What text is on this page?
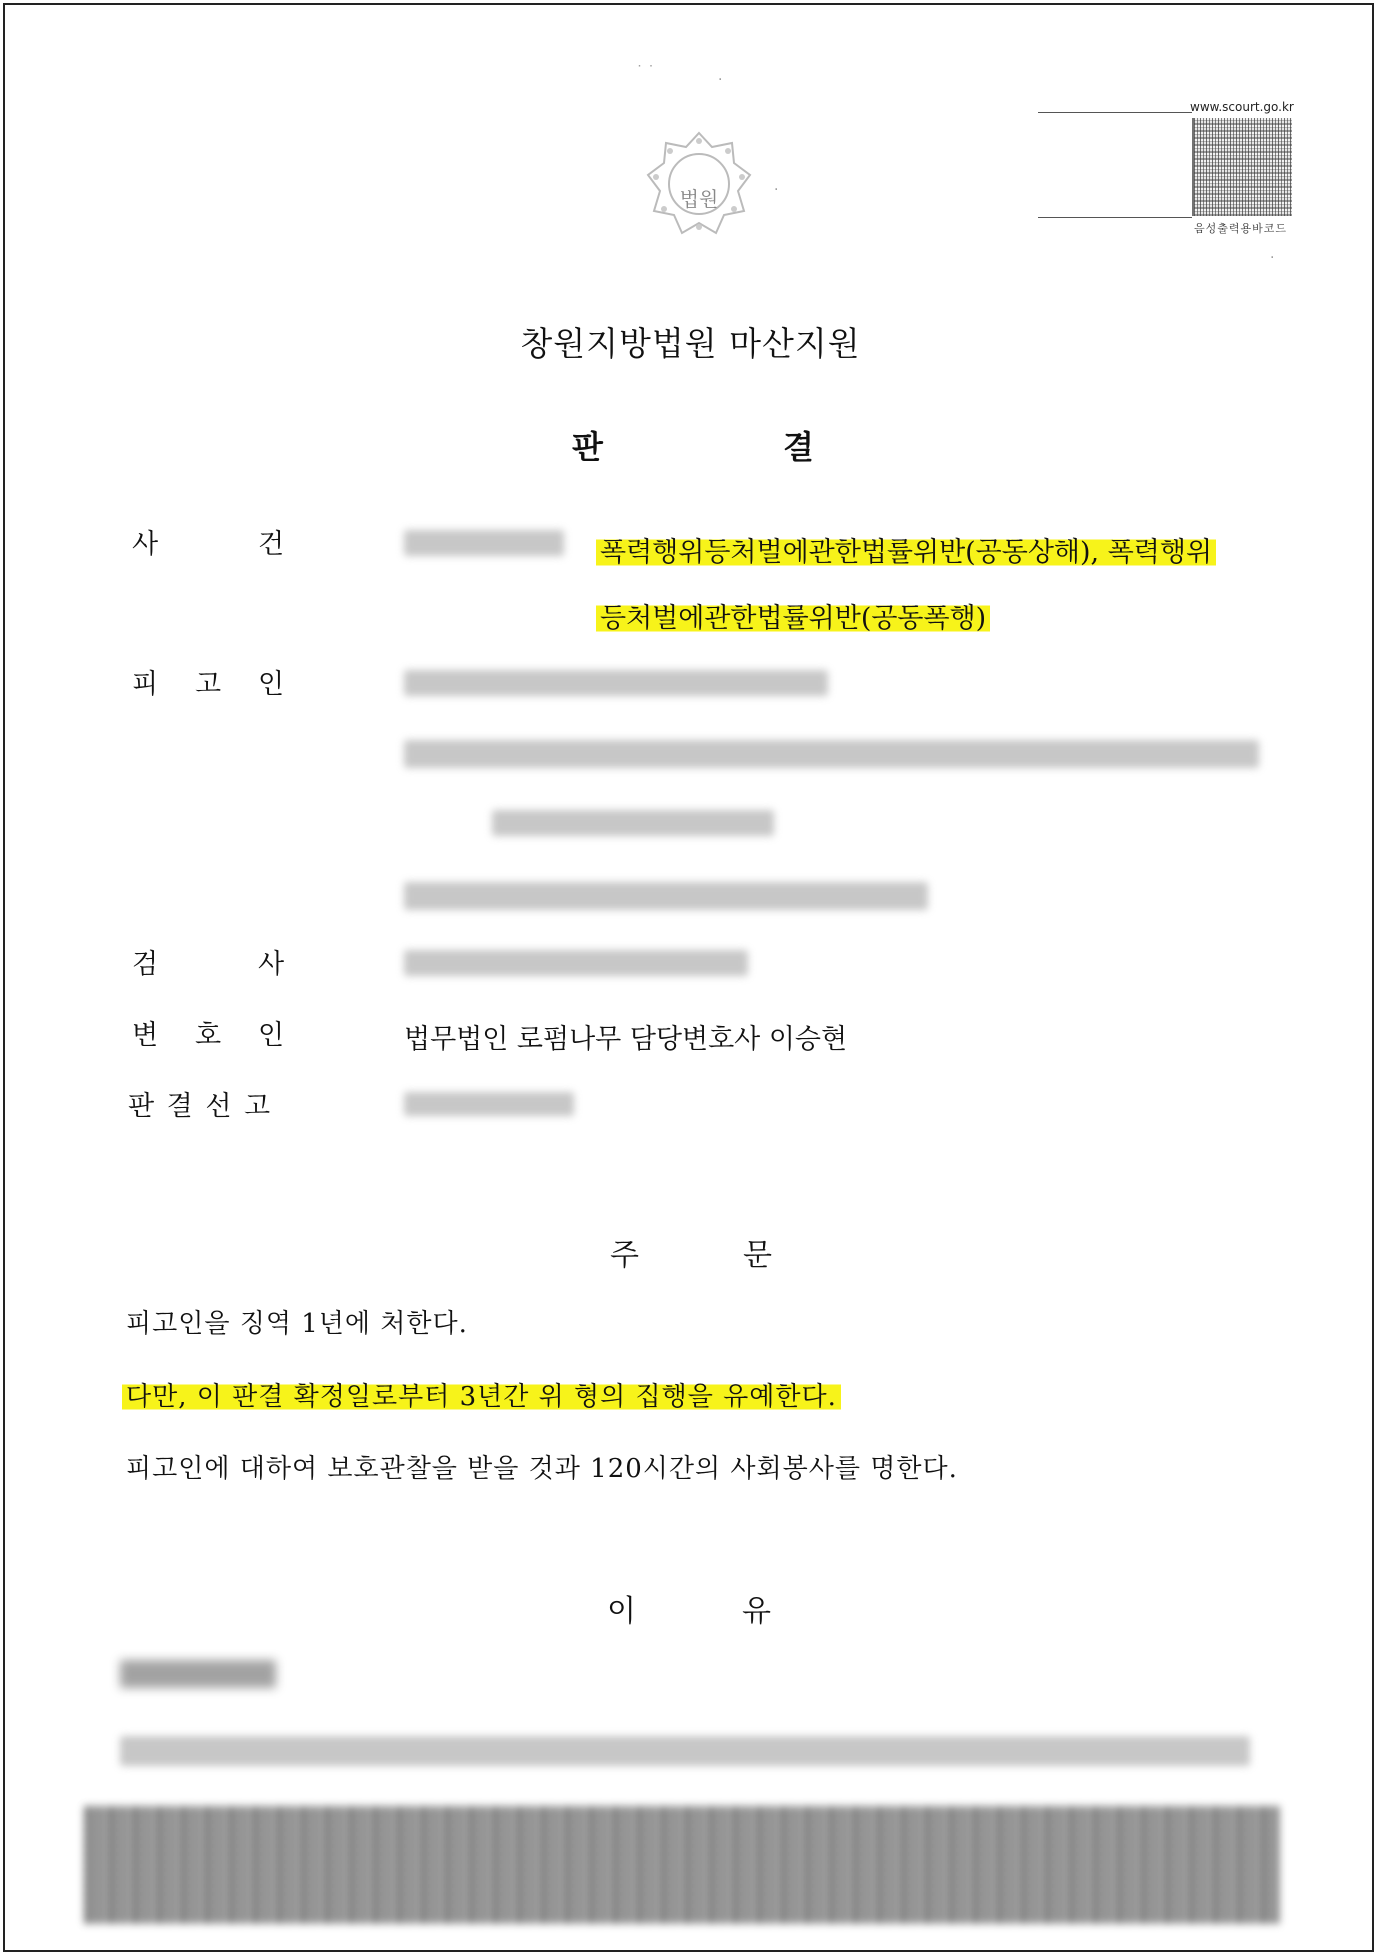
˙ ˙	·
·
·
법원
www.scourt.go.kr
음성출력용바코드
창원지방법원 마산지원
판	결
사	건	폭력행위등처벌에관한법률위반(공동상해), 폭력행위
등처벌에관한법률위반(공동폭행)
피 고 인
검	사
변 호 인	법무법인 로펌나무 담당변호사 이승현
판 결 선 고
주	문
피고인을 징역 1년에 처한다.
다만, 이 판결 확정일로부터 3년간 위 형의 집행을 유예한다.
피고인에 대하여 보호관찰을 받을 것과 120시간의 사회봉사를 명한다.
이	유
